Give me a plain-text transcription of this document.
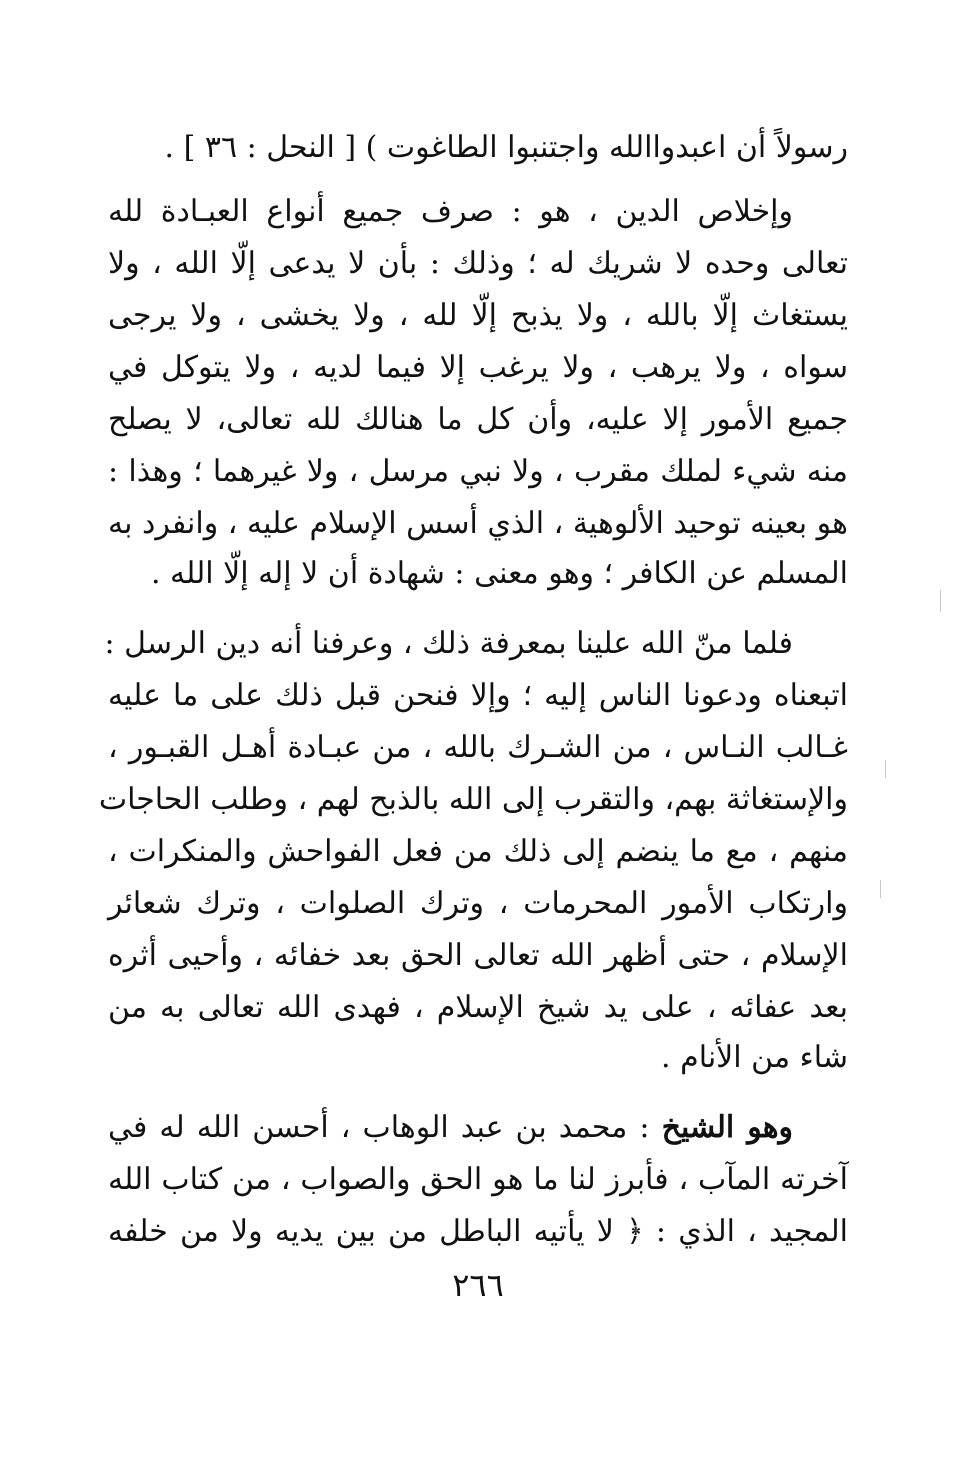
رسولاً أن اعبدواالله واجتنبوا الطاغوت ) [ النحل : ٣٦ ] .
وإخلاص الدين ، هو : صرف جميع أنواع العبـادة لله
تعالى وحده لا شريك له ؛ وذلك : بأن لا يدعى إلّا الله ، ولا
يستغاث إلّا بالله ، ولا يذبح إلّا لله ، ولا يخشى ، ولا يرجى
سواه ، ولا يرهب ، ولا يرغب إلا فيما لديه ، ولا يتوكل في
جميع الأمور إلا عليه، وأن كل ما هنالك لله تعالى، لا يصلح
منه شيء لملك مقرب ، ولا نبي مرسل ، ولا غيرهما ؛ وهذا :
هو بعينه توحيد الألوهية ، الذي أسس الإسلام عليه ، وانفرد به
المسلم عن الكافر ؛ وهو معنى : شهادة أن لا إله إلّا الله .
فلما منّ الله علينا بمعرفة ذلك ، وعرفنا أنه دين الرسل :
اتبعناه ودعونا الناس إليه ؛ وإلا فنحن قبل ذلك على ما عليه
غـالب النـاس ، من الشـرك بالله ، من عبـادة أهـل القبـور ،
والإستغاثة بهم، والتقرب إلى الله بالذبح لهم ، وطلب الحاجات
منهم ، مع ما ينضم إلى ذلك من فعل الفواحش والمنكرات ،
وارتكاب الأمور المحرمات ، وترك الصلوات ، وترك شعائر
الإسلام ، حتى أظهر الله تعالى الحق بعد خفائه ، وأحيى أثره
بعد عفائه ، على يد شيخ الإسلام ، فهدى الله تعالى به من
شاء من الأنام .
وهو الشيخ : محمد بن عبد الوهاب ، أحسن الله له في
آخرته المآب ، فأبرز لنا ما هو الحق والصواب ، من كتاب الله
المجيد ، الذي : ﴿ لا يأتيه الباطل من بين يديه ولا من خلفه
٢٦٦
